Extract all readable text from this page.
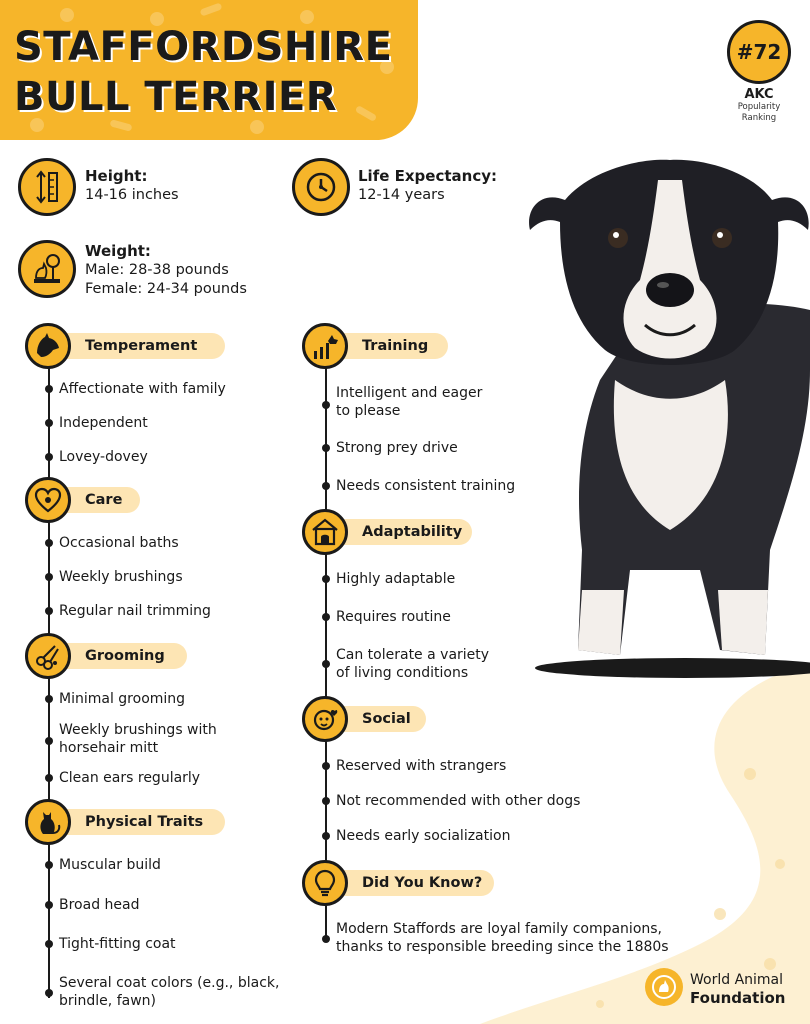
STAFFORDSHIRE
BULL TERRIER
#72
AKC
Popularity
Ranking
Height:
14-16 inches
Life Expectancy:
12-14 years
Weight:
Male: 28-38 pounds
Female: 24-34 pounds
Temperament
Affectionate with family
Independent
Lovey-dovey
Care
Occasional baths
Weekly brushings
Regular nail trimming
Grooming
Minimal grooming
Weekly brushings with
horsehair mitt
Clean ears regularly
Physical Traits
Muscular build
Broad head
Tight-fitting coat
Several coat colors (e.g., black,
brindle, fawn)
Training
Intelligent and eager
to please
Strong prey drive
Needs consistent training
Adaptability
Highly adaptable
Requires routine
Can tolerate a variety
of living conditions
Social
Reserved with strangers
Not recommended with other dogs
Needs early socialization
Did You Know?
Modern Staffords are loyal family companions,
thanks to responsible breeding since the 1880s
World Animal
Foundation
